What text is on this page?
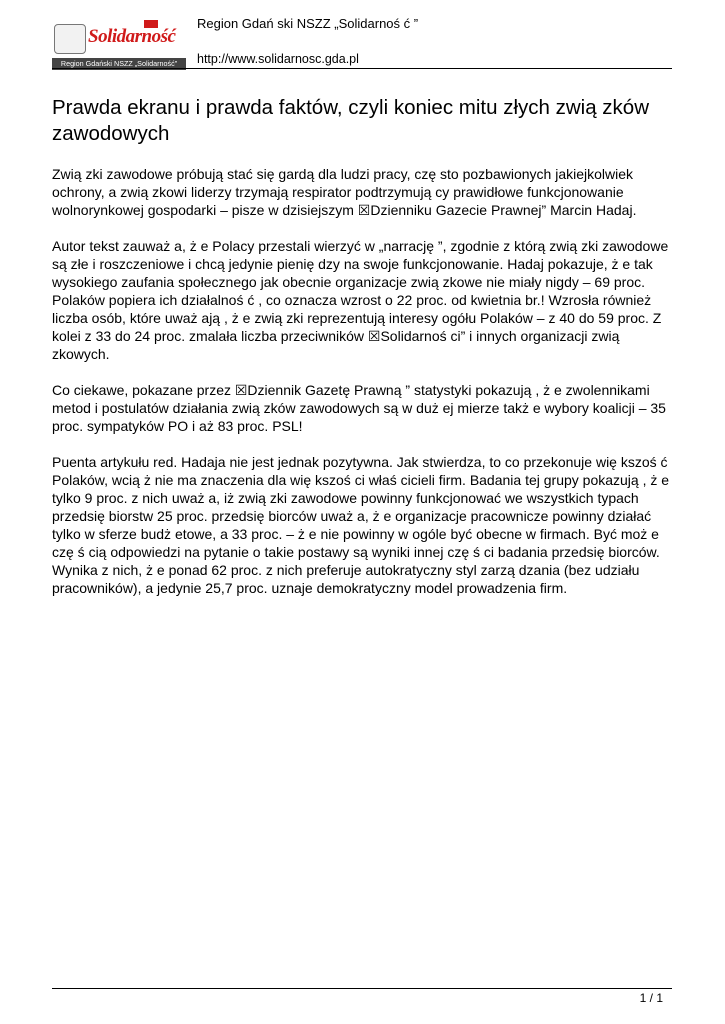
Solidarność
Region Gdański NSZZ „Solidarność”
Region Gdań ski NSZZ „Solidarnoś ć ”
http://www.solidarnosc.gda.pl
Prawda ekranu i prawda faktów, czyli koniec mitu złych zwią zków zawodowych

Zwią zki zawodowe próbują stać się gardą dla ludzi pracy, czę sto pozbawionych jakiejkolwiek ochrony, a zwią zkowi liderzy trzymają respirator podtrzymują cy prawidłowe funkcjonowanie wolnorynkowej gospodarki – pisze w dzisiejszym ☒Dzienniku Gazecie Prawnej” Marcin Hadaj.

Autor tekst zauważ a, ż e Polacy przestali wierzyć w „narrację ”, zgodnie z którą zwią zki zawodowe są złe i roszczeniowe i chcą jedynie pienię dzy na swoje funkcjonowanie. Hadaj pokazuje, ż e tak wysokiego zaufania społecznego jak obecnie organizacje zwią zkowe nie miały nigdy – 69 proc. Polaków popiera ich działalnoś ć , co oznacza wzrost o 22 proc. od kwietnia br.! Wzrosła również liczba osób, które uważ ają , ż e zwią zki reprezentują interesy ogółu Polaków – z 40 do 59 proc. Z kolei z 33 do 24 proc. zmalała liczba przeciwników ☒Solidarnoś ci” i innych organizacji zwią zkowych.

Co ciekawe, pokazane przez ☒Dziennik Gazetę Prawną ” statystyki pokazują , ż e zwolennikami metod i postulatów działania zwią zków zawodowych są w duż ej mierze takż e wybory koalicji – 35 proc. sympatyków PO i aż 83 proc. PSL!

Puenta artykułu red. Hadaja nie jest jednak pozytywna. Jak stwierdza, to co przekonuje wię kszoś ć Polaków, wcią ż nie ma znaczenia dla wię kszoś ci właś cicieli firm. Badania tej grupy pokazują , ż e tylko 9 proc. z nich uważ a, iż zwią zki zawodowe powinny funkcjonować we wszystkich typach przedsię biorstw 25 proc. przedsię biorców uważ a, ż e organizacje pracownicze powinny działać tylko w sferze budż etowe, a 33 proc. – ż e nie powinny w ogóle być obecne w firmach. Być moż e czę ś cią odpowiedzi na pytanie o takie postawy są wyniki innej czę ś ci badania przedsię biorców. Wynika z nich, ż e ponad 62 proc. z nich preferuje autokratyczny styl zarzą dzania (bez udziału pracowników), a jedynie 25,7 proc. uznaje demokratyczny model prowadzenia firm.

1 / 1
